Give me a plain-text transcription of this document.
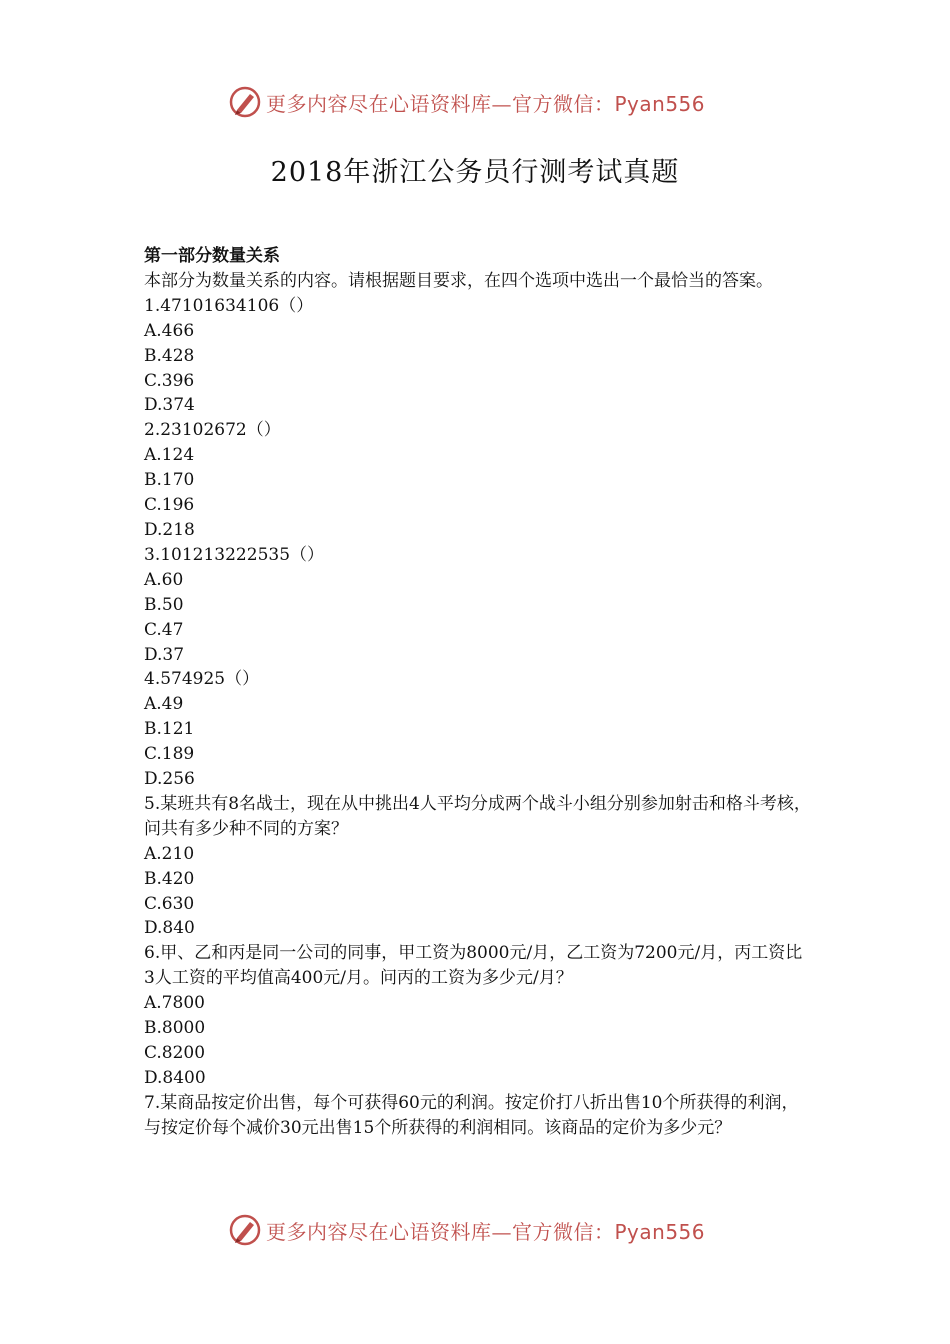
更多内容尽在心语资料库—官方微信：Pyan556
2018年浙江公务员行测考试真题

第一部分数量关系

本部分为数量关系的内容。请根据题目要求，在四个选项中选出一个最恰当的答案。

1.47101634106（）

A.466

B.428

C.396

D.374

2.23102672（）

A.124

B.170

C.196

D.218

3.101213222535（）

A.60

B.50

C.47

D.37

4.574925（）

A.49

B.121

C.189

D.256

5.某班共有8名战士，现在从中挑出4人平均分成两个战斗小组分别参加射击和格斗考核，问共有多少种不同的方案？

A.210

B.420

C.630

D.840

6.甲、乙和丙是同一公司的同事，甲工资为8000元/月，乙工资为7200元/月，丙工资比3人工资的平均值高400元/月。问丙的工资为多少元/月？

A.7800

B.8000

C.8200

D.8400

7.某商品按定价出售，每个可获得60元的利润。按定价打八折出售10个所获得的利润，与按定价每个减价30元出售15个所获得的利润相同。该商品的定价为多少元？

更多内容尽在心语资料库—官方微信：Pyan556
